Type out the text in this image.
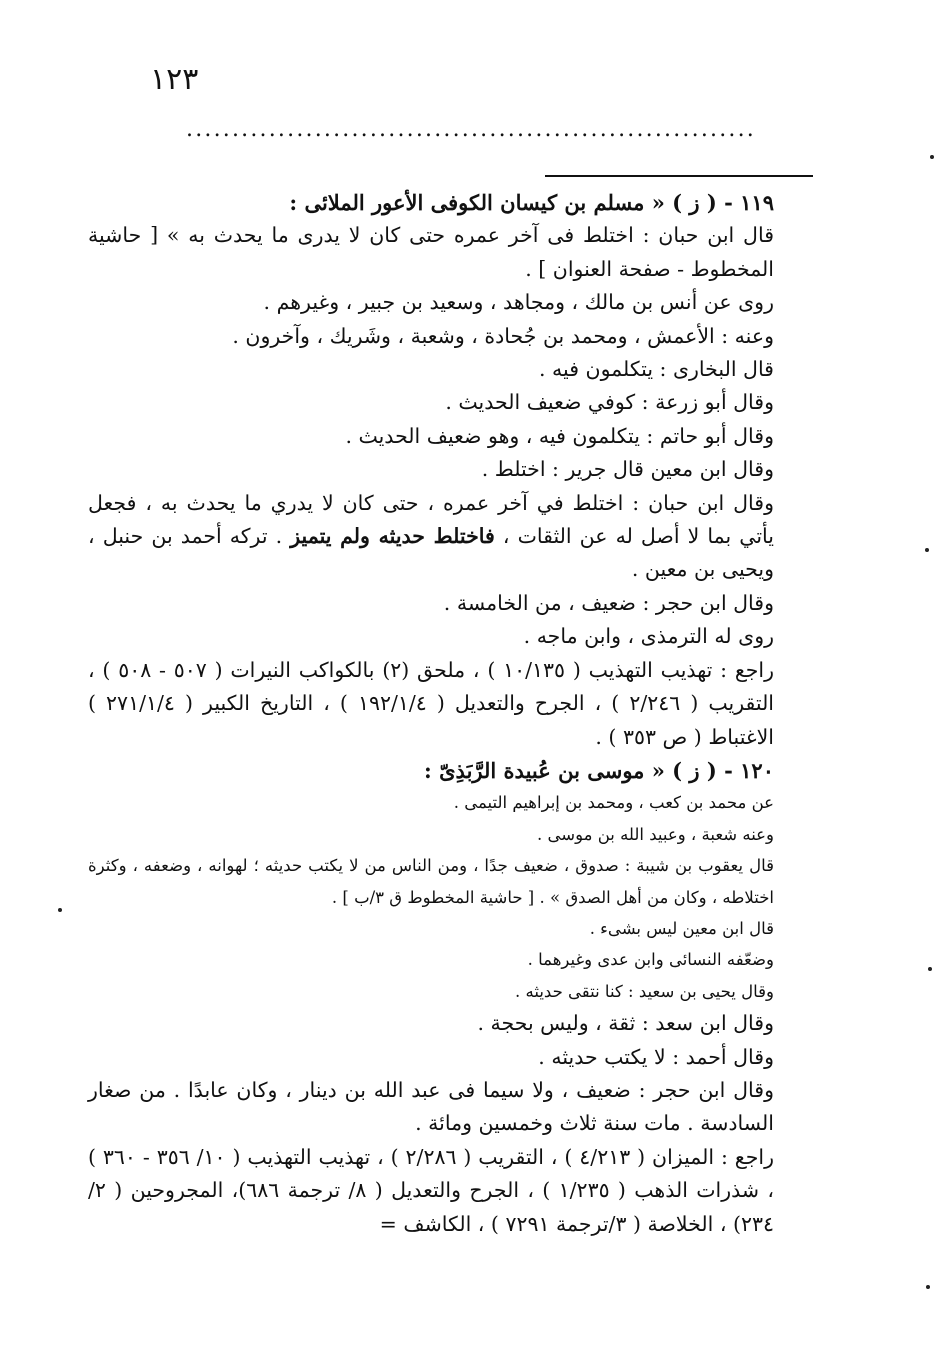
١٢٣
..............................................................

١١٩ - ( ز ) « مسلم بن كيسان الكوفى الأعور الملائى :

قال ابن حبان : اختلط فى آخر عمره حتى كان لا يدرى ما يحدث به » [ حاشية المخطوط - صفحة العنوان ] .

روى عن أنس بن مالك ، ومجاهد ، وسعيد بن جبير ، وغيرهم .

وعنه : الأعمش ، ومحمد بن جُحادة ، وشعبة ، وشَريك ، وآخرون .

قال البخارى : يتكلمون فيه .

وقال أبو زرعة : كوفي ضعيف الحديث .

وقال أبو حاتم : يتكلمون فيه ، وهو ضعيف الحديث .

وقال ابن معين قال جرير : اختلط .

وقال ابن حبان : اختلط في آخر عمره ، حتى كان لا يدري ما يحدث به ، فجعل يأتي بما لا أصل له عن الثقات ، فاختلط حديثه ولم يتميز . تركه أحمد بن حنبل ، ويحيى بن معين .

وقال ابن حجر : ضعيف ، من الخامسة .

روى له الترمذى ، وابن ماجه .

راجع : تهذيب التهذيب ( ١٠/١٣٥ ) ، ملحق (٢) بالكواكب النيرات ( ٥٠٧ - ٥٠٨ ) ، التقريب ( ٢/٢٤٦ ) ، الجرح والتعديل ( ١٩٢/١/٤ ) ، التاريخ الكبير ( ٢٧١/١/٤ ) الاغتباط ( ص ٣٥٣ ) .

١٢٠ - ( ز ) « موسى بن عُبيدة الرَّبَذِىّ :

عن محمد بن كعب ، ومحمد بن إبراهيم التيمى .

وعنه شعبة ، وعبيد الله بن موسى .

قال يعقوب بن شيبة : صدوق ، ضعيف جدًا ، ومن الناس من لا يكتب حديثه ؛ لهوانه ، وضعفه ، وكثرة اختلاطه ، وكان من أهل الصدق » . [ حاشية المخطوط ق ٣/ب ] .

قال ابن معين ليس بشىء .

وضعّفه النسائى وابن عدى وغيرهما .

وقال يحيى بن سعيد : كنا نتقى حديثه .

وقال ابن سعد : ثقة ، وليس بحجة .

وقال أحمد : لا يكتب حديثه .

وقال ابن حجر : ضعيف ، ولا سيما فى عبد الله بن دينار ، وكان عابدًا . من صغار السادسة . مات سنة ثلاث وخمسين ومائة .

راجع : الميزان ( ٤/٢١٣ ) ، التقريب ( ٢/٢٨٦ ) ، تهذيب التهذيب ( ١٠/ ٣٥٦ - ٣٦٠ ) ، شذرات الذهب ( ١/٢٣٥ ) ، الجرح والتعديل ( ٨/ ترجمة ٦٨٦)، المجروحين ( ٢/ ٢٣٤) ، الخلاصة ( ٣/ترجمة ٧٢٩١ ) ، الكاشف =
